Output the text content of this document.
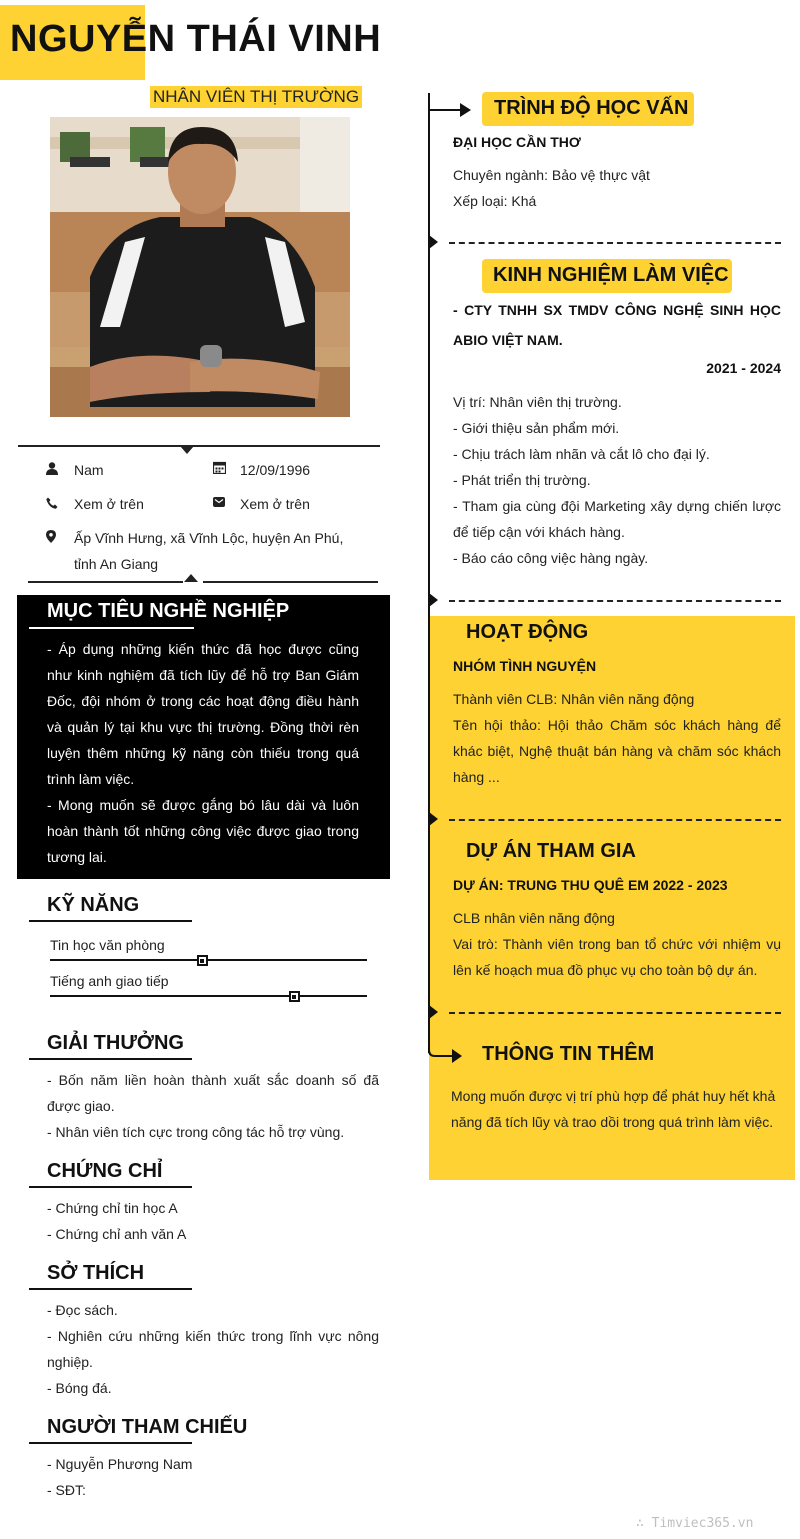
NGUYỄN THÁI VINH
NHÂN VIÊN THỊ TRƯỜNG
Nam	12/09/1996
Xem ở trên	Xem ở trên
Ấp Vĩnh Hưng, xã Vĩnh Lộc, huyện An Phú,
tỉnh An Giang
MỤC TIÊU NGHỀ NGHIỆP
- Áp dụng những kiến thức đã học được cũng như kinh nghiệm đã tích lũy để hỗ trợ Ban Giám Đốc, đội nhóm ở trong các hoạt động điều hành và quản lý tại khu vực thị trường. Đồng thời rèn luyện thêm những kỹ năng còn thiếu trong quá trình làm việc.
- Mong muốn sẽ được gắng bó lâu dài và luôn hoàn thành tốt những công việc được giao trong tương lai.
KỸ NĂNG
Tin học văn phòng
Tiếng anh giao tiếp
GIẢI THƯỞNG
- Bốn năm liền hoàn thành xuất sắc doanh số đã được giao.
- Nhân viên tích cực trong công tác hỗ trợ vùng.
CHỨNG CHỈ
- Chứng chỉ tin học A
- Chứng chỉ anh văn A
SỞ THÍCH
- Đọc sách.
- Nghiên cứu những kiến thức trong lĩnh vực nông nghiệp.
- Bóng đá.
NGƯỜI THAM CHIẾU
- Nguyễn Phương Nam
- SĐT:
TRÌNH ĐỘ HỌC VẤN
ĐẠI HỌC CẦN THƠ
Chuyên ngành: Bảo vệ thực vật
Xếp loại: Khá
KINH NGHIỆM LÀM VIỆC
- CTY TNHH SX TMDV CÔNG NGHỆ SINH HỌC ABIO VIỆT NAM.
2021 - 2024
Vị trí: Nhân viên thị trường.
- Giới thiệu sản phẩm mới.
- Chịu trách làm nhãn và cắt lô cho đại lý.
- Phát triển thị trường.
- Tham gia cùng đội Marketing xây dựng chiến lược để tiếp cận với khách hàng.
- Báo cáo công việc hàng ngày.
HOẠT ĐỘNG
NHÓM TÌNH NGUYỆN
Thành viên CLB: Nhân viên năng động
Tên hội thảo: Hội thảo Chăm sóc khách hàng để khác biệt, Nghệ thuật bán hàng và chăm sóc khách hàng ...
DỰ ÁN THAM GIA
DỰ ÁN: TRUNG THU QUÊ EM 2022 - 2023
CLB nhân viên năng động
Vai trò: Thành viên trong ban tổ chức với nhiệm vụ lên kế hoạch mua đồ phục vụ cho toàn bộ dự án.
THÔNG TIN THÊM
Mong muốn được vị trí phù hợp để phát huy hết khả năng đã tích lũy và trao dồi trong quá trình làm việc.
∴ Timviec365.vn
